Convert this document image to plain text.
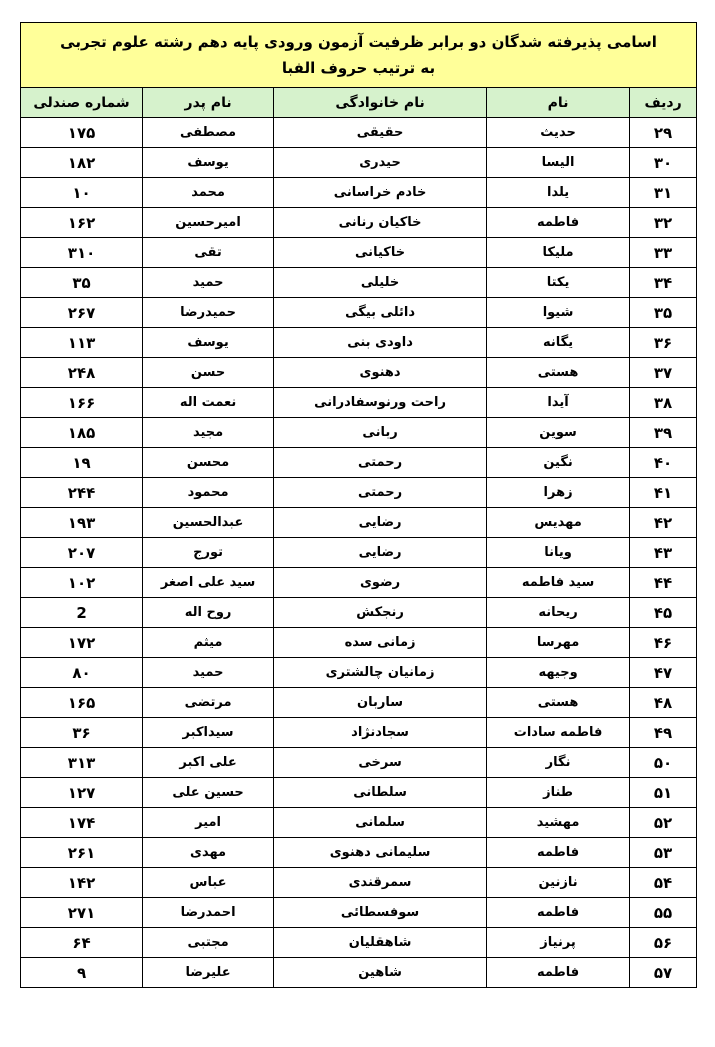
اسامی پذیرفته شدگان دو برابر ظرفیت آزمون ورودی پایه دهم رشته علوم تجربی
به ترتیب حروف الفبا				

ردیف	نام	نام خانوادگی	نام پدر	شماره صندلی
۲۹	حدیث	حقیقی	مصطفی	۱۷۵
۳۰	الیسا	حیدری	یوسف	۱۸۲
۳۱	یلدا	خادم خراسانی	محمد	۱۰
۳۲	فاطمه	خاکیان رنانی	امیرحسین	۱۶۲
۳۳	ملیکا	خاکیانی	تقی	۳۱۰
۳۴	یکتا	خلیلی	حمید	۳۵
۳۵	شیوا	دائلی بیگی	حمیدرضا	۲۶۷
۳۶	یگانه	داودی بنی	یوسف	۱۱۳
۳۷	هستی	دهنوی	حسن	۲۴۸
۳۸	آیدا	راحت ورنوسفادرانی	نعمت اله	۱۶۶
۳۹	سوین	ربانی	مجید	۱۸۵
۴۰	نگین	رحمتی	محسن	۱۹
۴۱	زهرا	رحمتی	محمود	۲۴۴
۴۲	مهدیس	رضایی	عبدالحسین	۱۹۳
۴۳	ویانا	رضایی	تورج	۲۰۷
۴۴	سید فاطمه	رضوی	سید علی اصغر	۱۰۲
۴۵	ریحانه	رنجکش	روح اله	2
۴۶	مهرسا	زمانی سده	میثم	۱۷۲
۴۷	وجیهه	زمانیان چالشتری	حمید	۸۰
۴۸	هستی	ساربان	مرتضی	۱۶۵
۴۹	فاطمه سادات	سجادنژاد	سیداکبر	۳۶
۵۰	نگار	سرخی	علی اکبر	۳۱۳
۵۱	طناز	سلطانی	حسین علی	۱۲۷
۵۲	مهشید	سلمانی	امیر	۱۷۴
۵۳	فاطمه	سلیمانی دهنوی	مهدی	۲۶۱
۵۴	نازنین	سمرقندی	عباس	۱۴۲
۵۵	فاطمه	سوفسطائی	احمدرضا	۲۷۱
۵۶	پرنیاز	شاهقلیان	مجتبی	۶۴
۵۷	فاطمه	شاهین	علیرضا	۹
